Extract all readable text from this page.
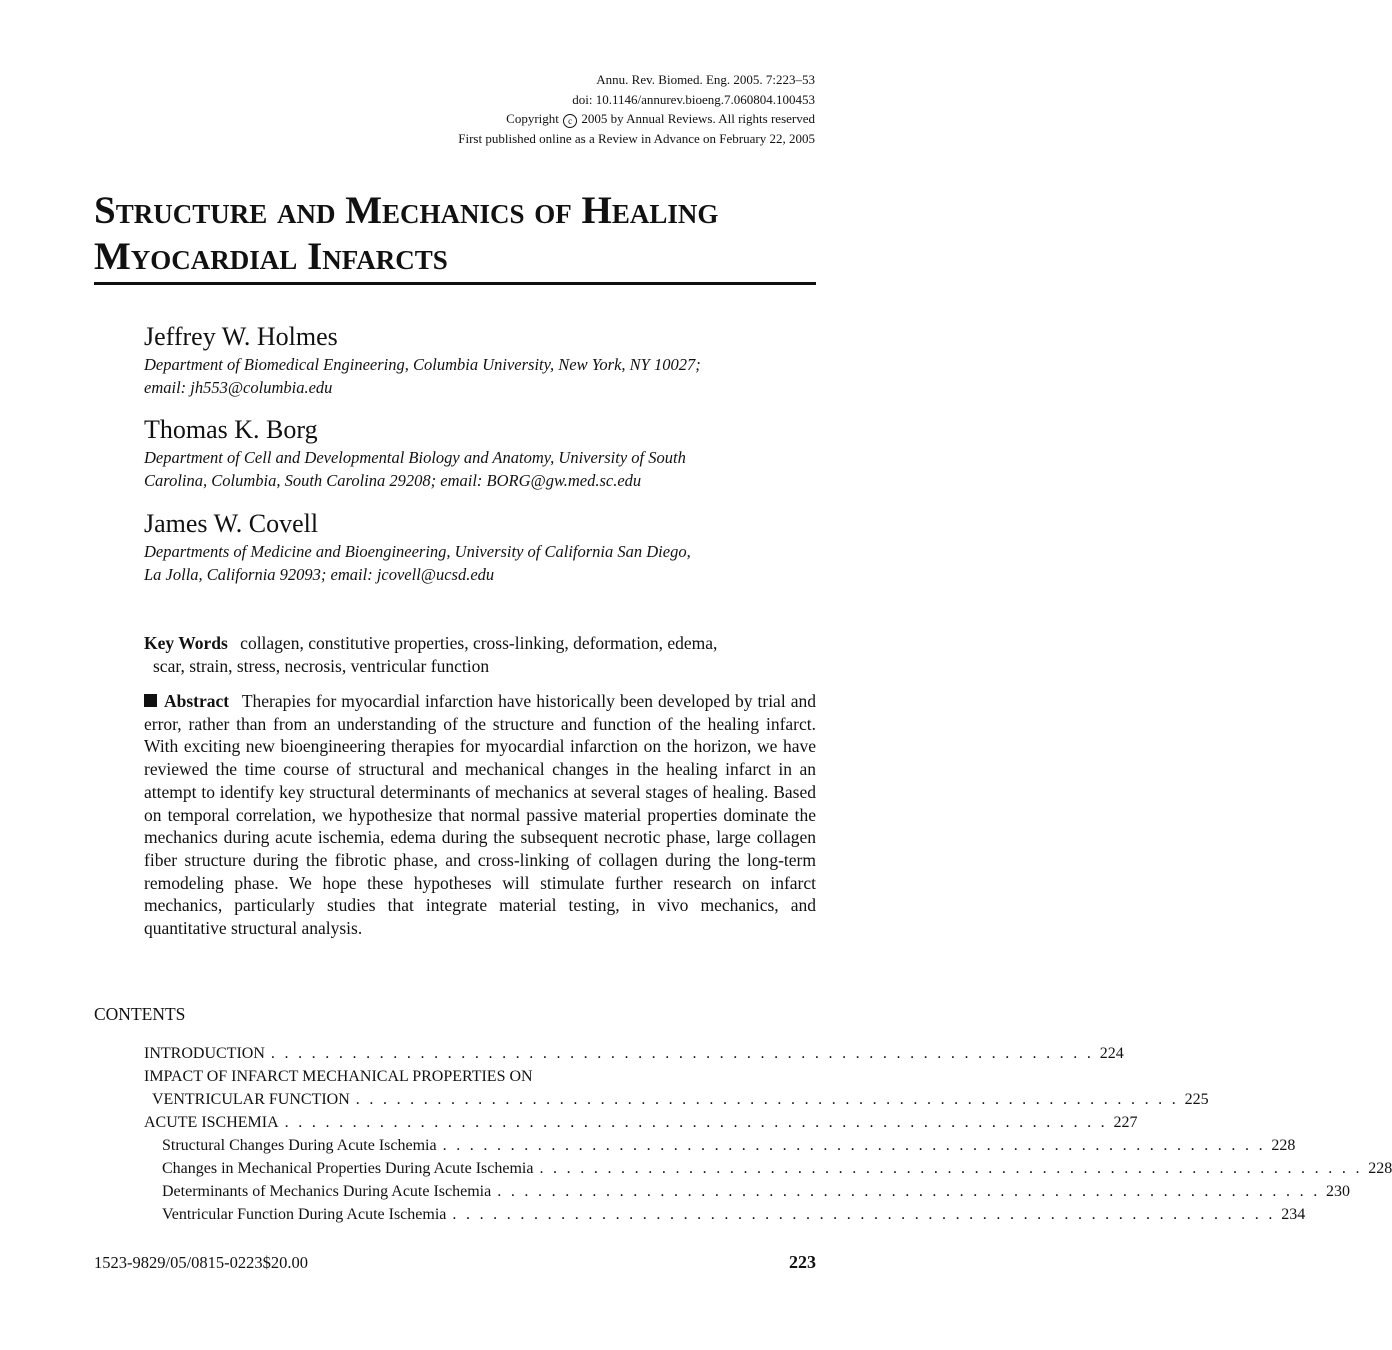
Annu. Rev. Biomed. Eng. 2005. 7:223–53
doi: 10.1146/annurev.bioeng.7.060804.100453
Copyright c 2005 by Annual Reviews. All rights reserved
First published online as a Review in Advance on February 22, 2005
Structure and Mechanics of Healing
Myocardial Infarcts
Jeffrey W. Holmes
Department of Biomedical Engineering, Columbia University, New York, NY 10027;
email: jh553@columbia.edu
Thomas K. Borg
Department of Cell and Developmental Biology and Anatomy, University of South
Carolina, Columbia, South Carolina 29208; email: BORG@gw.med.sc.edu
James W. Covell
Departments of Medicine and Bioengineering, University of California San Diego,
La Jolla, California 92093; email: jcovell@ucsd.edu
Key Words collagen, constitutive properties, cross-linking, deformation, edema,
scar, strain, stress, necrosis, ventricular function
Abstract Therapies for myocardial infarction have historically been developed by trial and error, rather than from an understanding of the structure and function of the healing infarct. With exciting new bioengineering therapies for myocardial infarction on the horizon, we have reviewed the time course of structural and mechanical changes in the healing infarct in an attempt to identify key structural determinants of mechanics at several stages of healing. Based on temporal correlation, we hypothesize that normal passive material properties dominate the mechanics during acute ischemia, edema during the subsequent necrotic phase, large collagen fiber structure during the fibrotic phase, and cross-linking of collagen during the long-term remodeling phase. We hope these hypotheses will stimulate further research on infarct mechanics, particularly studies that integrate material testing, in vivo mechanics, and quantitative structural analysis.
CONTENTS
INTRODUCTION . . . . . . . . . . . . . . . . . . . . . . . . . . . . . . . . . . . . . . . . . . . . . . . . . . . . . . . . . . . . . 224
IMPACT OF INFARCT MECHANICAL PROPERTIES ON
VENTRICULAR FUNCTION . . . . . . . . . . . . . . . . . . . . . . . . . . . . . . . . . . . . . . . . . . . . . . . . . . . . . . . . . . . . . 225
ACUTE ISCHEMIA . . . . . . . . . . . . . . . . . . . . . . . . . . . . . . . . . . . . . . . . . . . . . . . . . . . . . . . . . . . . . 227
Structural Changes During Acute Ischemia . . . . . . . . . . . . . . . . . . . . . . . . . . . . . . . . . . . . . . . . . . . . . . . . . . . . . . . . . . . . . 228
Changes in Mechanical Properties During Acute Ischemia . . . . . . . . . . . . . . . . . . . . . . . . . . . . . . . . . . . . . . . . . . . . . . . . . . . . . . . . . . . . . 228
Determinants of Mechanics During Acute Ischemia . . . . . . . . . . . . . . . . . . . . . . . . . . . . . . . . . . . . . . . . . . . . . . . . . . . . . . . . . . . . . 230
Ventricular Function During Acute Ischemia . . . . . . . . . . . . . . . . . . . . . . . . . . . . . . . . . . . . . . . . . . . . . . . . . . . . . . . . . . . . . 234
1523-9829/05/0815-0223$20.00	223
